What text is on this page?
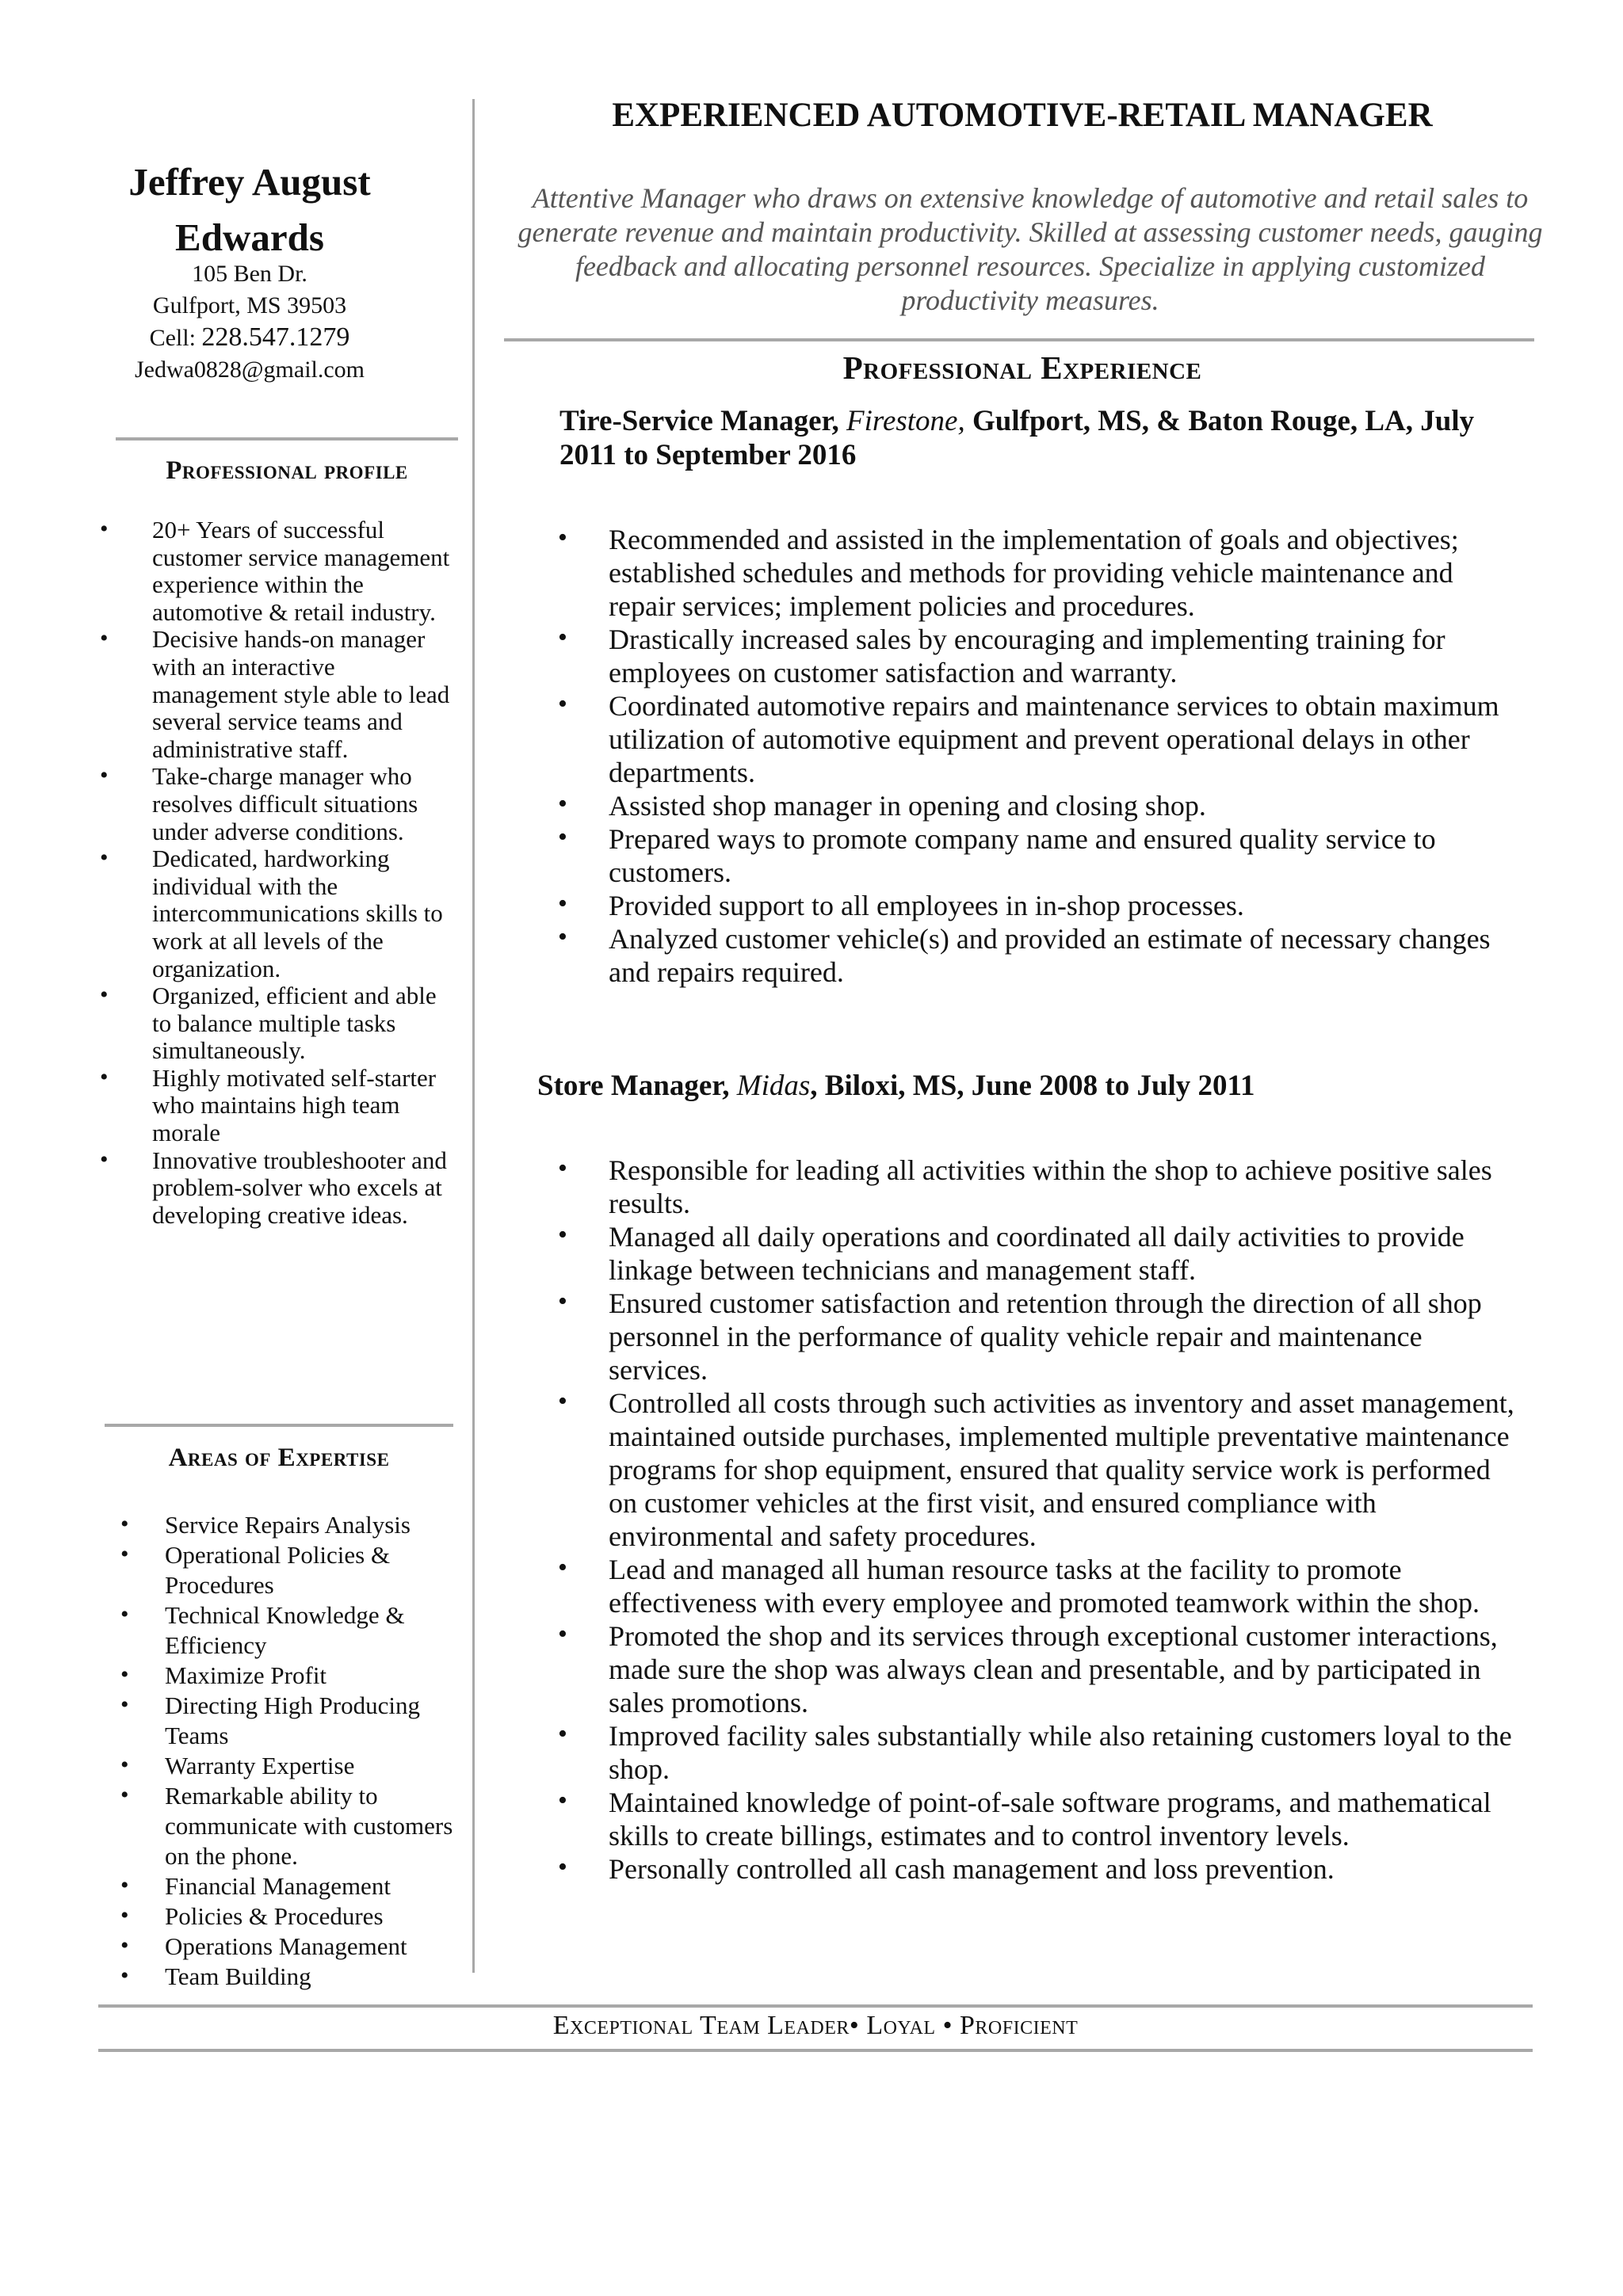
Jeffrey August Edwards
105 Ben Dr.
Gulfport, MS 39503
Cell: 228.547.1279
Jedwa0828@gmail.com
Professional profile
• 20+ Years of successful customer service management experience within the automotive & retail industry.
• Decisive hands-on manager with an interactive management style able to lead several service teams and administrative staff.
• Take-charge manager who resolves difficult situations under adverse conditions.
• Dedicated, hardworking individual with the intercommunications skills to work at all levels of the organization.
• Organized, efficient and able to balance multiple tasks simultaneously.
• Highly motivated self-starter who maintains high team morale
• Innovative troubleshooter and problem-solver who excels at developing creative ideas.
Areas of Expertise
• Service Repairs Analysis
• Operational Policies & Procedures
• Technical Knowledge & Efficiency
• Maximize Profit
• Directing High Producing Teams
• Warranty Expertise
• Remarkable ability to communicate with customers on the phone.
• Financial Management
• Policies & Procedures
• Operations Management
• Team Building
EXPERIENCED AUTOMOTIVE-RETAIL MANAGER
Attentive Manager who draws on extensive knowledge of automotive and retail sales to generate revenue and maintain productivity. Skilled at assessing customer needs, gauging feedback and allocating personnel resources. Specialize in applying customized productivity measures.
Professional Experience
Tire-Service Manager, Firestone, Gulfport, MS, & Baton Rouge, LA, July 2011 to September 2016
• Recommended and assisted in the implementation of goals and objectives; established schedules and methods for providing vehicle maintenance and repair services; implement policies and procedures.
• Drastically increased sales by encouraging and implementing training for employees on customer satisfaction and warranty.
• Coordinated automotive repairs and maintenance services to obtain maximum utilization of automotive equipment and prevent operational delays in other departments.
• Assisted shop manager in opening and closing shop.
• Prepared ways to promote company name and ensured quality service to customers.
• Provided support to all employees in in-shop processes.
• Analyzed customer vehicle(s) and provided an estimate of necessary changes and repairs required.
Store Manager, Midas, Biloxi, MS, June 2008 to July 2011
• Responsible for leading all activities within the shop to achieve positive sales results.
• Managed all daily operations and coordinated all daily activities to provide linkage between technicians and management staff.
• Ensured customer satisfaction and retention through the direction of all shop personnel in the performance of quality vehicle repair and maintenance services.
• Controlled all costs through such activities as inventory and asset management, maintained outside purchases, implemented multiple preventative maintenance programs for shop equipment, ensured that quality service work is performed on customer vehicles at the first visit, and ensured compliance with environmental and safety procedures.
• Lead and managed all human resource tasks at the facility to promote effectiveness with every employee and promoted teamwork within the shop.
• Promoted the shop and its services through exceptional customer interactions, made sure the shop was always clean and presentable, and by participated in sales promotions.
• Improved facility sales substantially while also retaining customers loyal to the shop.
• Maintained knowledge of point-of-sale software programs, and mathematical skills to create billings, estimates and to control inventory levels.
• Personally controlled all cash management and loss prevention.
Exceptional Team Leader• Loyal • Proficient
